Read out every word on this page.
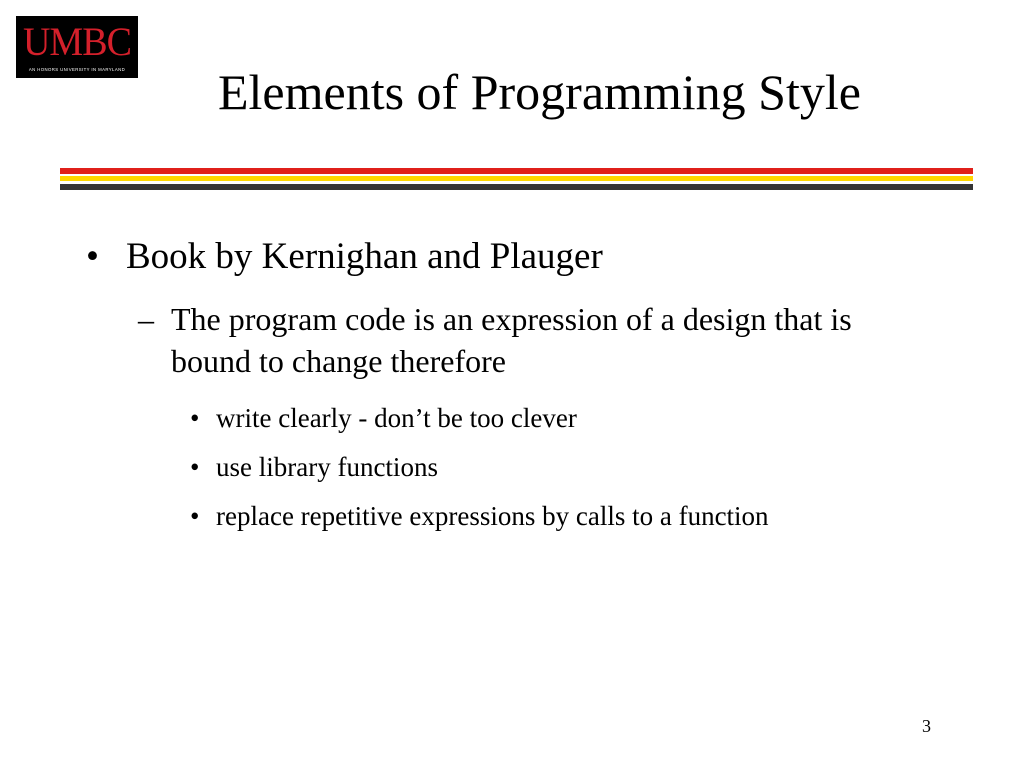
UMBC
AN HONORS UNIVERSITY IN MARYLAND Elements of Programming Style
• Book by Kernighan and Plauger
– The program code is an expression of a design that is bound to change therefore
• write clearly - don’t be too clever
• use library functions
• replace repetitive expressions by calls to a function
3
